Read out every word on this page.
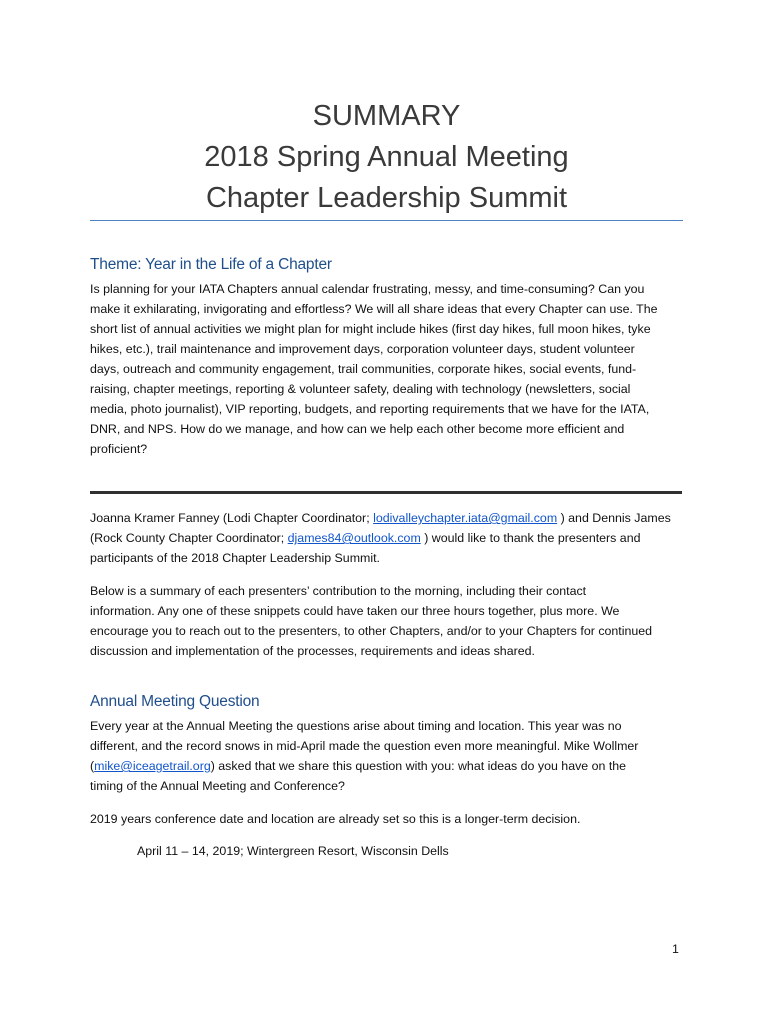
SUMMARY
2018 Spring Annual Meeting
Chapter Leadership Summit
Theme: Year in the Life of a Chapter
Is planning for your IATA Chapters annual calendar frustrating, messy, and time-consuming? Can you
make it exhilarating, invigorating and effortless? We will all share ideas that every Chapter can use. The
short list of annual activities we might plan for might include hikes (first day hikes, full moon hikes, tyke
hikes, etc.), trail maintenance and improvement days, corporation volunteer days, student volunteer
days, outreach and community engagement, trail communities, corporate hikes, social events, fund-
raising, chapter meetings, reporting & volunteer safety, dealing with technology (newsletters, social
media, photo journalist), VIP reporting, budgets, and reporting requirements that we have for the IATA,
DNR, and NPS. How do we manage, and how can we help each other become more efficient and
proficient?
Joanna Kramer Fanney (Lodi Chapter Coordinator; lodivalleychapter.iata@gmail.com ) and Dennis James
(Rock County Chapter Coordinator; djames84@outlook.com ) would like to thank the presenters and
participants of the 2018 Chapter Leadership Summit.
Below is a summary of each presenters’ contribution to the morning, including their contact
information. Any one of these snippets could have taken our three hours together, plus more. We
encourage you to reach out to the presenters, to other Chapters, and/or to your Chapters for continued
discussion and implementation of the processes, requirements and ideas shared.
Annual Meeting Question
Every year at the Annual Meeting the questions arise about timing and location. This year was no
different, and the record snows in mid-April made the question even more meaningful. Mike Wollmer
(mike@iceagetrail.org) asked that we share this question with you: what ideas do you have on the
timing of the Annual Meeting and Conference?
2019 years conference date and location are already set so this is a longer-term decision.
April 11 – 14, 2019; Wintergreen Resort, Wisconsin Dells
1
